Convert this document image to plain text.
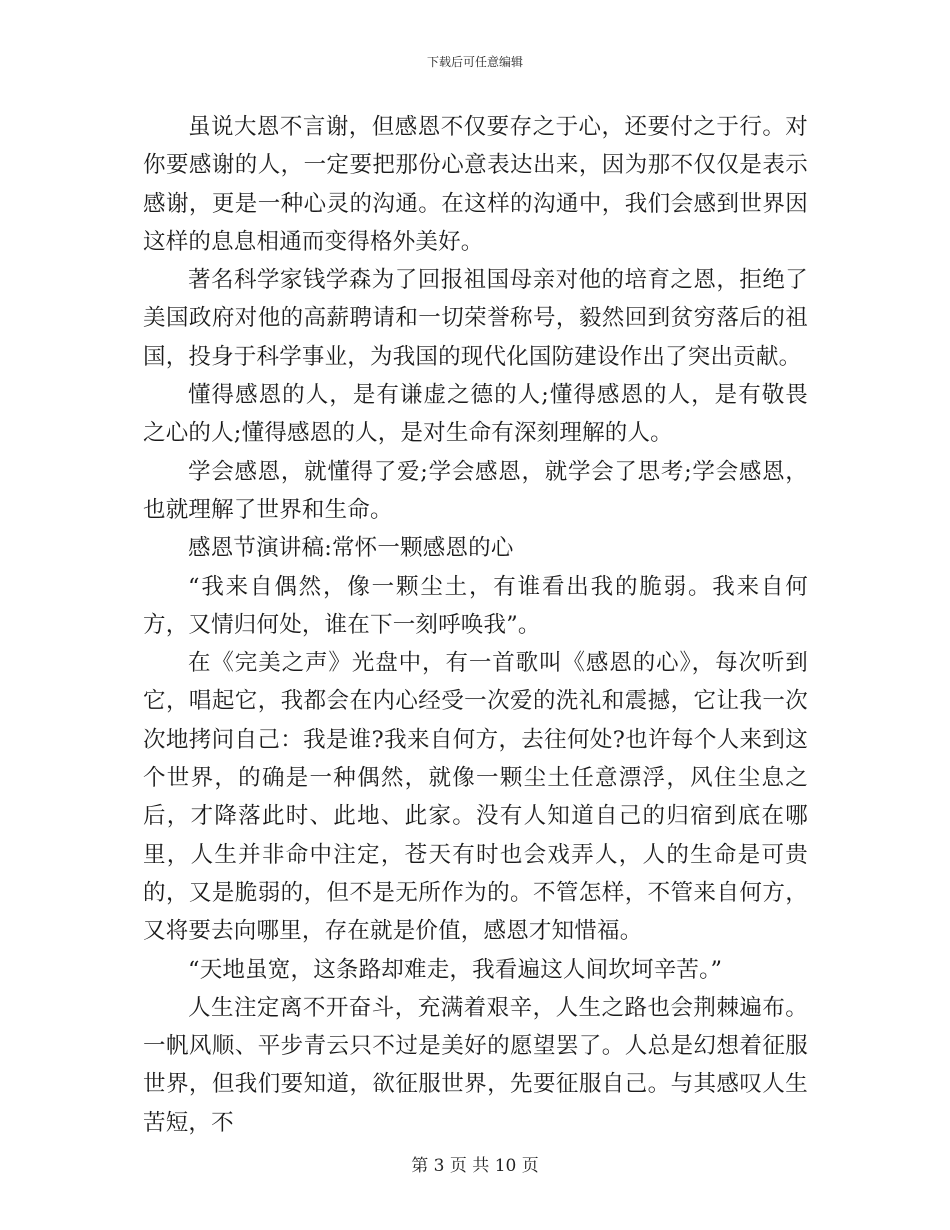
下载后可任意编辑

虽说大恩不言谢，但感恩不仅要存之于心，还要付之于行。对你要感谢的人，一定要把那份心意表达出来，因为那不仅仅是表示感谢，更是一种心灵的沟通。在这样的沟通中，我们会感到世界因这样的息息相通而变得格外美好。

著名科学家钱学森为了回报祖国母亲对他的培育之恩，拒绝了美国政府对他的高薪聘请和一切荣誉称号，毅然回到贫穷落后的祖国，投身于科学事业，为我国的现代化国防建设作出了突出贡献。

懂得感恩的人，是有谦虚之德的人;懂得感恩的人，是有敬畏之心的人;懂得感恩的人，是对生命有深刻理解的人。

学会感恩，就懂得了爱;学会感恩，就学会了思考;学会感恩，也就理解了世界和生命。

感恩节演讲稿:常怀一颗感恩的心

“我来自偶然，像一颗尘土，有谁看出我的脆弱。我来自何方，又情归何处，谁在下一刻呼唤我”。

在《完美之声》光盘中，有一首歌叫《感恩的心》，每次听到它，唱起它，我都会在内心经受一次爱的洗礼和震撼，它让我一次次地拷问自己：我是谁?我来自何方，去往何处?也许每个人来到这个世界，的确是一种偶然，就像一颗尘土任意漂浮，风住尘息之后，才降落此时、此地、此家。没有人知道自己的归宿到底在哪里，人生并非命中注定，苍天有时也会戏弄人，人的生命是可贵的，又是脆弱的，但不是无所作为的。不管怎样，不管来自何方，又将要去向哪里，存在就是价值，感恩才知惜福。

“天地虽宽，这条路却难走，我看遍这人间坎坷辛苦。”

人生注定离不开奋斗，充满着艰辛，人生之路也会荆棘遍布。一帆风顺、平步青云只不过是美好的愿望罢了。人总是幻想着征服世界，但我们要知道，欲征服世界，先要征服自己。与其感叹人生苦短，不

第 3 页 共 10 页
